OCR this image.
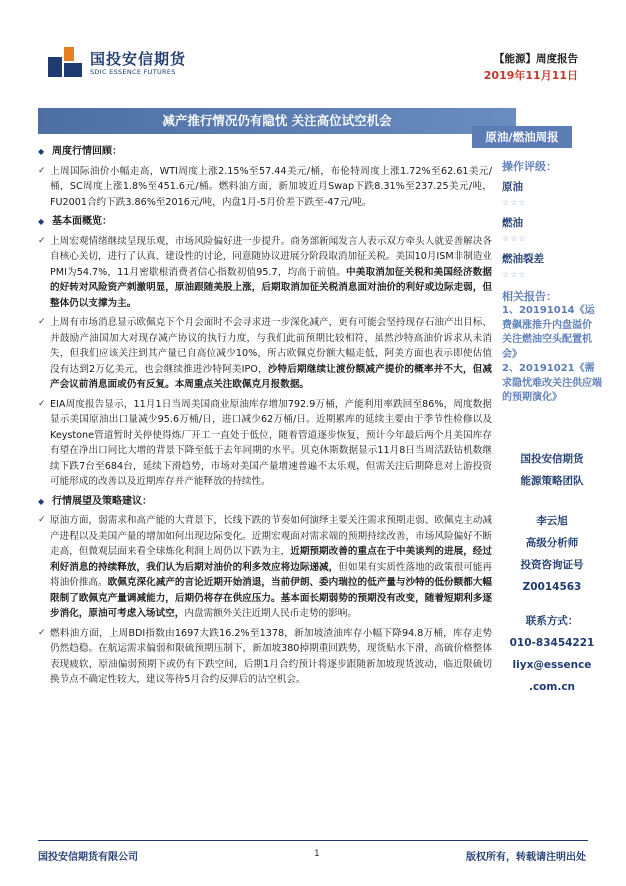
国投安信期货
SDIC ESSENCE FUTURES
【能源】周度报告
2019年11月11日
减产推行情况仍有隐忧 关注高位试空机会
原油/燃油周报
◆ 周度行情回顾：
✓ 上周国际油价小幅走高，WTI周度上涨2.15%至57.44美元/桶，布伦特周度上涨1.72%至62.61美元/桶，SC周度上涨1.8%至451.6元/桶。燃料油方面，新加坡近月Swap下跌8.31%至237.25美元/吨，FU2001合约下跌3.86%至2016元/吨，内盘1月-5月价差下跌至-47元/吨。
◆ 基本面概览：
✓ 上周宏观情绪继续呈现乐观，市场风险偏好进一步提升。商务部新闻发言人表示双方牵头人就妥善解决各自核心关切，进行了认真、建设性的讨论，同意随协议进展分阶段取消加征关税。美国10月ISM非制造业PMI为54.7%，11月密歇根消费者信心指数初值95.7，均高于前值。中美取消加征关税和美国经济数据的好转对风险资产刺激明显，原油跟随美股上涨，后期取消加征关税消息面对油价的利好或边际走弱，但整体仍以支撑为主。
✓ 上周有市场消息显示欧佩克下个月会面时不会寻求进一步深化减产，更有可能会坚持现存石油产出目标、并鼓励产油国加大对现存减产协议的执行力度，与我们此前预期比较相符，虽然沙特高油价诉求从未消失，但我们应该关注到其产量已自高位减少10%，所占欧佩克份额大幅走低，阿美方面也表示即使估值没有达到2万亿美元，也会继续推进沙特阿美IPO，沙特后期继续让渡份额减产提价的概率并不大，但减产会议前消息面或仍有反复。本周重点关注欧佩克月报数据。
✓ EIA周度报告显示，11月1日当周美国商业原油库存增加792.9万桶，产能利用率跌回至86%，周度数据显示美国原油出口量减少95.6万桶/日，进口减少62万桶/日。近期累库的延续主要由于季节性检修以及Keystone管道暂时关停使得炼厂开工一直处于低位，随着管道逐步恢复，预计今年最后两个月美国库存有望在净出口同比大增的背景下降至低于去年同期的水平。贝克休斯数据显示11月8日当周活跃钻机数继续下跌7台至684台，延续下滑趋势，市场对美国产量增速普遍不太乐观，但需关注后期降息对上游投资可能形成的改善以及近期库存并产能释放的持续性。
◆ 行情展望及策略建议：
✓ 原油方面，弱需求和高产能的大背景下，长线下跌的节奏如何演绎主要关注需求预期走弱、欧佩克主动减产进程以及美国产量的增加如何出现边际变化。近期宏观面对需求端的预期持续改善，市场风险偏好不断走高，但微观层面来看全球炼化利润上周仍以下跌为主，近期预期改善的重点在于中美谈判的进展，经过利好消息的持续释放，我们认为后期对油价的利多效应将边际递减，但如果有实质性落地的政策很可能再将油价推高。欧佩克深化减产的言论近期开始消退，当前伊朗、委内瑞拉的低产量与沙特的低份额都大幅限制了欧佩克产量调减能力，后期仍将存在供应压力。基本面长期弱势的预期没有改变，随着短期利多逐步消化，原油可考虑入场试空，内盘需额外关注近期人民币走势的影响。
✓ 燃料油方面，上周BDI指数由1697大跌16.2%至1378，新加坡渣油库存小幅下降94.8万桶，库存走势仍然趋稳。在航运需求偏弱和限硫预期压制下，新加坡380掉期重回跌势，现货贴水下滑，高硫价格整体表现疲软，原油偏弱预期下或仍有下跌空间，后期1月合约预计将逐步跟随新加坡现货波动，临近限硫切换节点不确定性较大，建议等待5月合约反弹后的沽空机会。
操作评级：
原油
☆☆☆
燃油
☆☆☆
燃油裂差
☆☆☆
相关报告：
1、20191014《运费飙涨推升内盘溢价 关注燃油空头配置机会》
2、20191021《需求隐忧难改关注供应端的预期演化》
国投安信期货
能源策略团队
李云旭
高级分析师
投资咨询证号
Z0014563
联系方式：
010-83454221
liyx@essence
.com.cn
国投安信期货有限公司	1	版权所有，转载请注明出处
